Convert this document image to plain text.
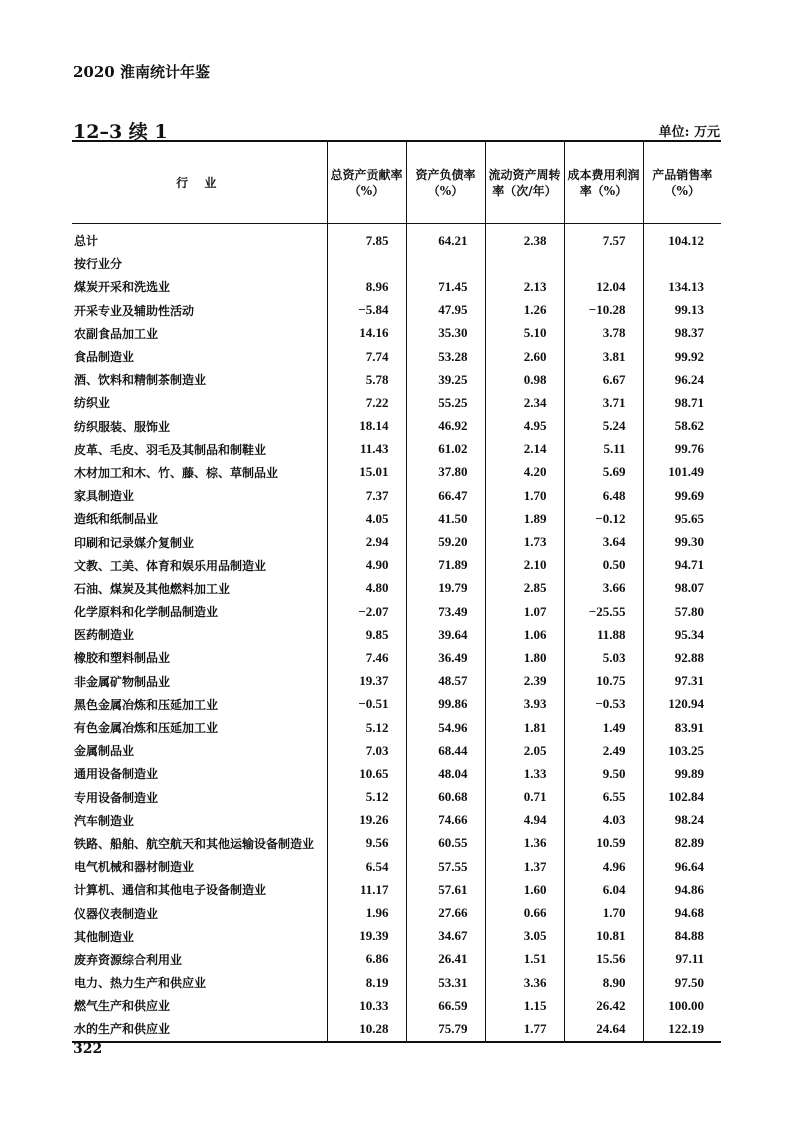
2020 淮南统计年鉴
12–3 续 1	单位: 万元
行 业	总资产贡献率（%）	资产负债率（%）	流动资产周转率（次/年）	成本费用利润率（%）	产品销售率（%）

总计	7.85	64.21	2.38	7.57	104.12
按行业分					
煤炭开采和洗选业	8.96	71.45	2.13	12.04	134.13
开采专业及辅助性活动	−5.84	47.95	1.26	−10.28	99.13
农副食品加工业	14.16	35.30	5.10	3.78	98.37
食品制造业	7.74	53.28	2.60	3.81	99.92
酒、饮料和精制茶制造业	5.78	39.25	0.98	6.67	96.24
纺织业	7.22	55.25	2.34	3.71	98.71
纺织服装、服饰业	18.14	46.92	4.95	5.24	58.62
皮革、毛皮、羽毛及其制品和制鞋业	11.43	61.02	2.14	5.11	99.76
木材加工和木、竹、藤、棕、草制品业	15.01	37.80	4.20	5.69	101.49
家具制造业	7.37	66.47	1.70	6.48	99.69
造纸和纸制品业	4.05	41.50	1.89	−0.12	95.65
印刷和记录媒介复制业	2.94	59.20	1.73	3.64	99.30
文教、工美、体育和娱乐用品制造业	4.90	71.89	2.10	0.50	94.71
石油、煤炭及其他燃料加工业	4.80	19.79	2.85	3.66	98.07
化学原料和化学制品制造业	−2.07	73.49	1.07	−25.55	57.80
医药制造业	9.85	39.64	1.06	11.88	95.34
橡胶和塑料制品业	7.46	36.49	1.80	5.03	92.88
非金属矿物制品业	19.37	48.57	2.39	10.75	97.31
黑色金属冶炼和压延加工业	−0.51	99.86	3.93	−0.53	120.94
有色金属冶炼和压延加工业	5.12	54.96	1.81	1.49	83.91
金属制品业	7.03	68.44	2.05	2.49	103.25
通用设备制造业	10.65	48.04	1.33	9.50	99.89
专用设备制造业	5.12	60.68	0.71	6.55	102.84
汽车制造业	19.26	74.66	4.94	4.03	98.24
铁路、船舶、航空航天和其他运输设备制造业	9.56	60.55	1.36	10.59	82.89
电气机械和器材制造业	6.54	57.55	1.37	4.96	96.64
计算机、通信和其他电子设备制造业	11.17	57.61	1.60	6.04	94.86
仪器仪表制造业	1.96	27.66	0.66	1.70	94.68
其他制造业	19.39	34.67	3.05	10.81	84.88
废弃资源综合利用业	6.86	26.41	1.51	15.56	97.11
电力、热力生产和供应业	8.19	53.31	3.36	8.90	97.50
燃气生产和供应业	10.33	66.59	1.15	26.42	100.00
水的生产和供应业	10.28	75.79	1.77	24.64	122.19
322
